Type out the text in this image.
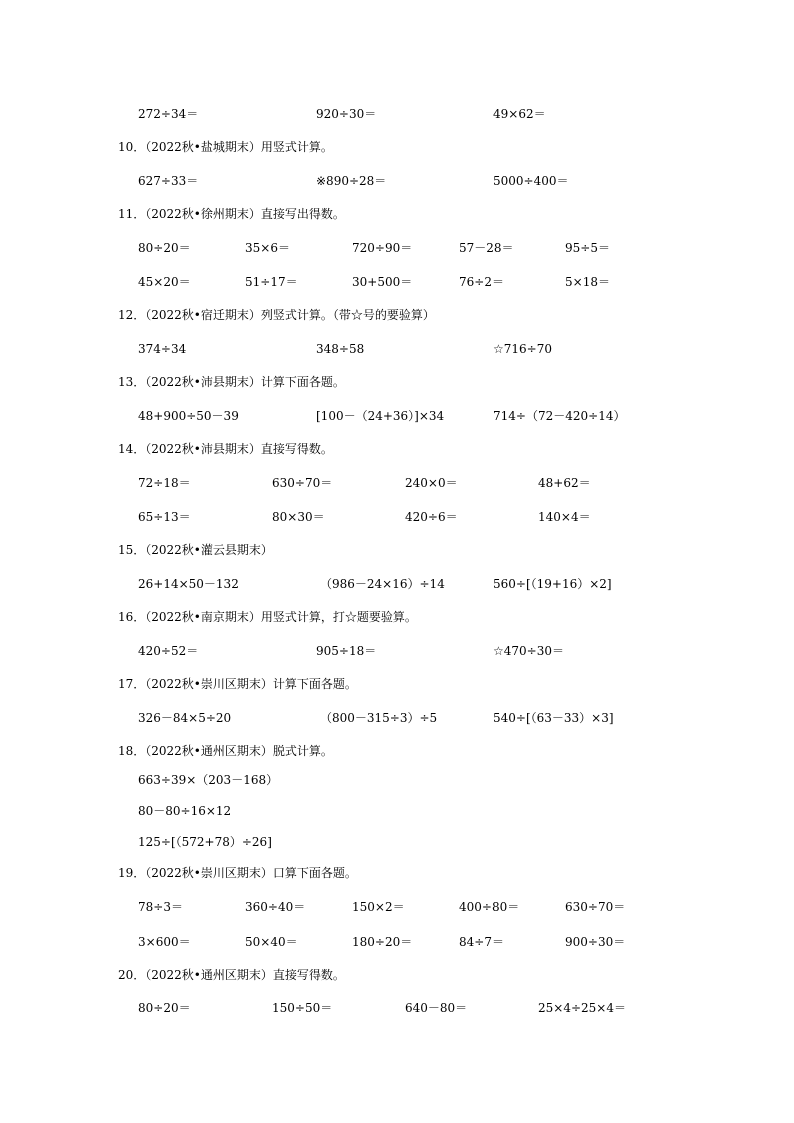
272÷34＝	920÷30＝	49×62＝
10．（2022秋•盐城期末）用竖式计算。
627÷33＝	※890÷28＝	5000÷400＝
11．（2022秋•徐州期末）直接写出得数。
80÷20＝	35×6＝	720÷90＝	57－28＝	95÷5＝
45×20＝	51÷17＝	30+500＝	76÷2＝	5×18＝
12．（2022秋•宿迁期末）列竖式计算。（带☆号的要验算）
374÷34	348÷58	☆716÷70
13．（2022秋•沛县期末）计算下面各题。
48+900÷50－39	[100－（24+36）]×34	714÷（72－420÷14）
14．（2022秋•沛县期末）直接写得数。
72÷18＝	630÷70＝	240×0＝	48+62＝
65÷13＝	80×30＝	420÷6＝	140×4＝
15．（2022秋•灌云县期末）
26+14×50－132	（986－24×16）÷14	560÷[（19+16）×2]
16．（2022秋•南京期末）用竖式计算，打☆题要验算。
420÷52＝	905÷18＝	☆470÷30＝
17．（2022秋•崇川区期末）计算下面各题。
326－84×5÷20	（800－315÷3）÷5	540÷[（63－33）×3]
18．（2022秋•通州区期末）脱式计算。
663÷39×（203－168）
80－80÷16×12
125÷[（572+78）÷26]
19．（2022秋•崇川区期末）口算下面各题。
78÷3＝	360÷40＝	150×2＝	400÷80＝	630÷70＝
3×600＝	50×40＝	180÷20＝	84÷7＝	900÷30＝
20．（2022秋•通州区期末）直接写得数。
80÷20＝	150÷50＝	640－80＝	25×4÷25×4＝
